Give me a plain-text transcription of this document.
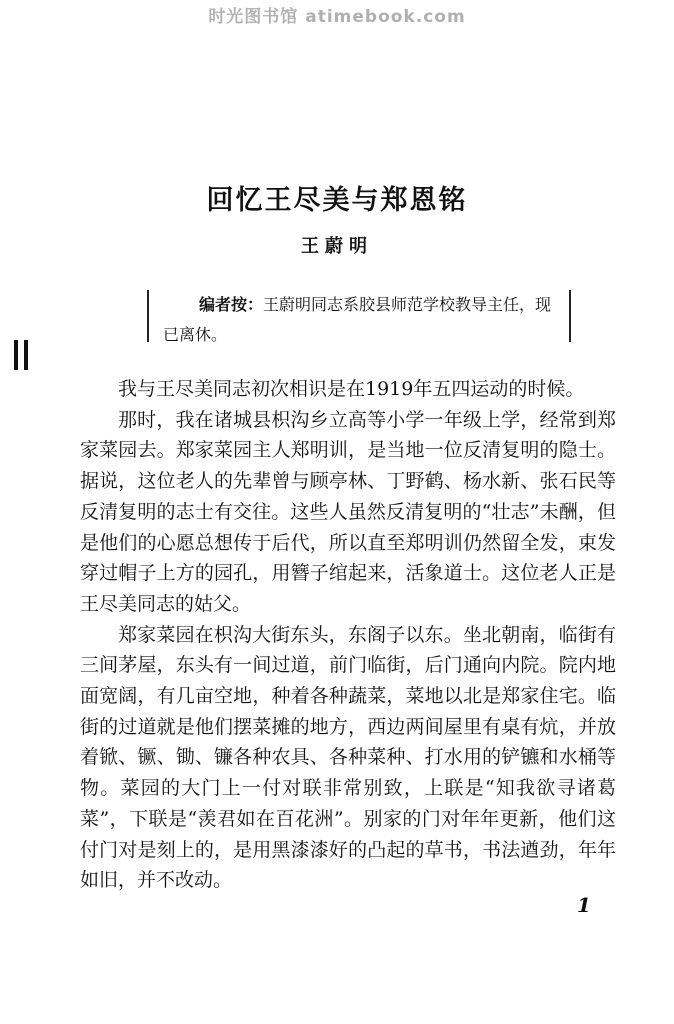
时光图书馆 atimebook.com
回忆王尽美与郑恩铭
王蔚明
编者按：王蔚明同志系胶县师范学校教导主任，现已离休。

我与王尽美同志初次相识是在1919年五四运动的时候。

那时，我在诸城县枳沟乡立高等小学一年级上学，经常到郑家菜园去。郑家菜园主人郑明训，是当地一位反清复明的隐士。据说，这位老人的先辈曾与顾亭林、丁野鹤、杨水新、张石民等反清复明的志士有交往。这些人虽然反清复明的“壮志”未酬，但是他们的心愿总想传于后代，所以直至郑明训仍然留全发，束发穿过帽子上方的园孔，用簪子绾起来，活象道士。这位老人正是王尽美同志的姑父。

郑家菜园在枳沟大街东头，东阁子以东。坐北朝南，临街有三间茅屋，东头有一间过道，前门临街，后门通向内院。院内地面宽阔，有几亩空地，种着各种蔬菜，菜地以北是郑家住宅。临街的过道就是他们摆菜摊的地方，西边两间屋里有桌有炕，并放着锨、镢、锄、镰各种农具、各种菜种、打水用的铲镳和水桶等物。菜园的大门上一付对联非常别致，上联是“知我欲寻诸葛菜”，下联是“羡君如在百花洲”。别家的门对年年更新，他们这付门对是刻上的，是用黑漆漆好的凸起的草书，书法遒劲，年年如旧，并不改动。

1
